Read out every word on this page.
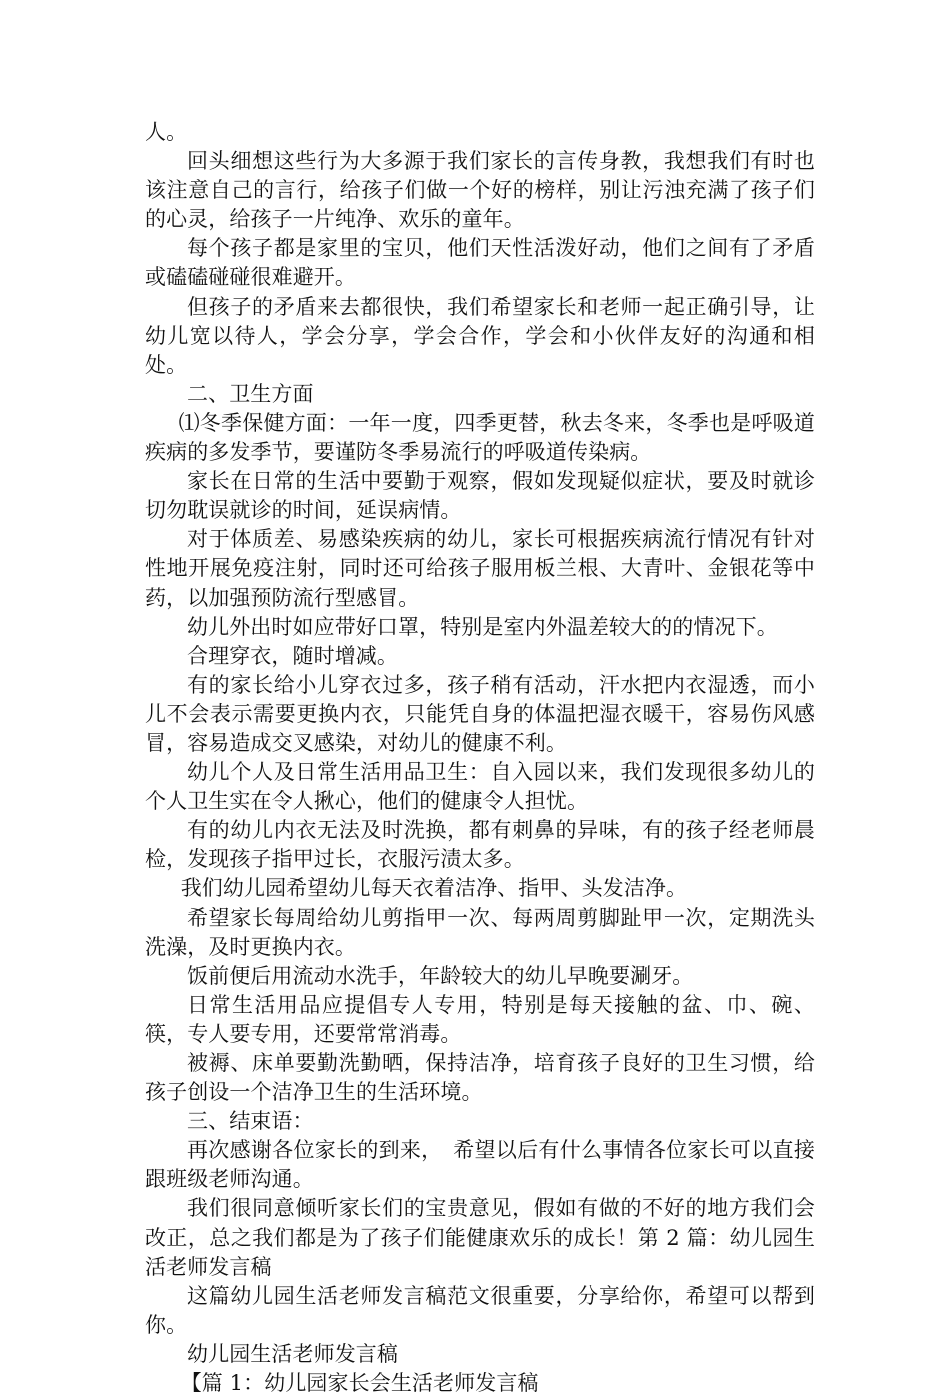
人。

回头细想这些行为大多源于我们家长的言传身教，我想我们有时也该注意自己的言行，给孩子们做一个好的榜样，别让污浊充满了孩子们的心灵，给孩子一片纯净、欢乐的童年。

每个孩子都是家里的宝贝，他们天性活泼好动，他们之间有了矛盾或磕磕碰碰很难避开。

但孩子的矛盾来去都很快，我们希望家长和老师一起正确引导，让幼儿宽以待人，学会分享，学会合作，学会和小伙伴友好的沟通和相处。

二、卫生方面

⑴冬季保健方面：一年一度，四季更替，秋去冬来，冬季也是呼吸道疾病的多发季节，要谨防冬季易流行的呼吸道传染病。

家长在日常的生活中要勤于观察，假如发现疑似症状，要及时就诊切勿耽误就诊的时间，延误病情。

对于体质差、易感染疾病的幼儿，家长可根据疾病流行情况有针对性地开展免疫注射，同时还可给孩子服用板兰根、大青叶、金银花等中药，以加强预防流行型感冒。

幼儿外出时如应带好口罩，特别是室内外温差较大的的情况下。

合理穿衣，随时增减。

有的家长给小儿穿衣过多，孩子稍有活动，汗水把内衣湿透，而小儿不会表示需要更换内衣，只能凭自身的体温把湿衣暖干，容易伤风感冒，容易造成交叉感染，对幼儿的健康不利。

幼儿个人及日常生活用品卫生：自入园以来，我们发现很多幼儿的个人卫生实在令人揪心，他们的健康令人担忧。

有的幼儿内衣无法及时洗换，都有刺鼻的异味，有的孩子经老师晨检，发现孩子指甲过长，衣服污渍太多。

我们幼儿园希望幼儿每天衣着洁净、指甲、头发洁净。

希望家长每周给幼儿剪指甲一次、每两周剪脚趾甲一次，定期洗头洗澡，及时更换内衣。

饭前便后用流动水洗手，年龄较大的幼儿早晚要涮牙。

日常生活用品应提倡专人专用，特别是每天接触的盆、巾、碗、筷，专人要专用，还要常常消毒。

被褥、床单要勤洗勤晒，保持洁净，培育孩子良好的卫生习惯，给孩子创设一个洁净卫生的生活环境。

三、结束语：

再次感谢各位家长的到来，　希望以后有什么事情各位家长可以直接跟班级老师沟通。

我们很同意倾听家长们的宝贵意见，假如有做的不好的地方我们会改正，总之我们都是为了孩子们能健康欢乐的成长！第 2 篇：幼儿园生活老师发言稿

这篇幼儿园生活老师发言稿范文很重要，分享给你，希望可以帮到你。

幼儿园生活老师发言稿

【篇 1：幼儿园家长会生活老师发言稿
